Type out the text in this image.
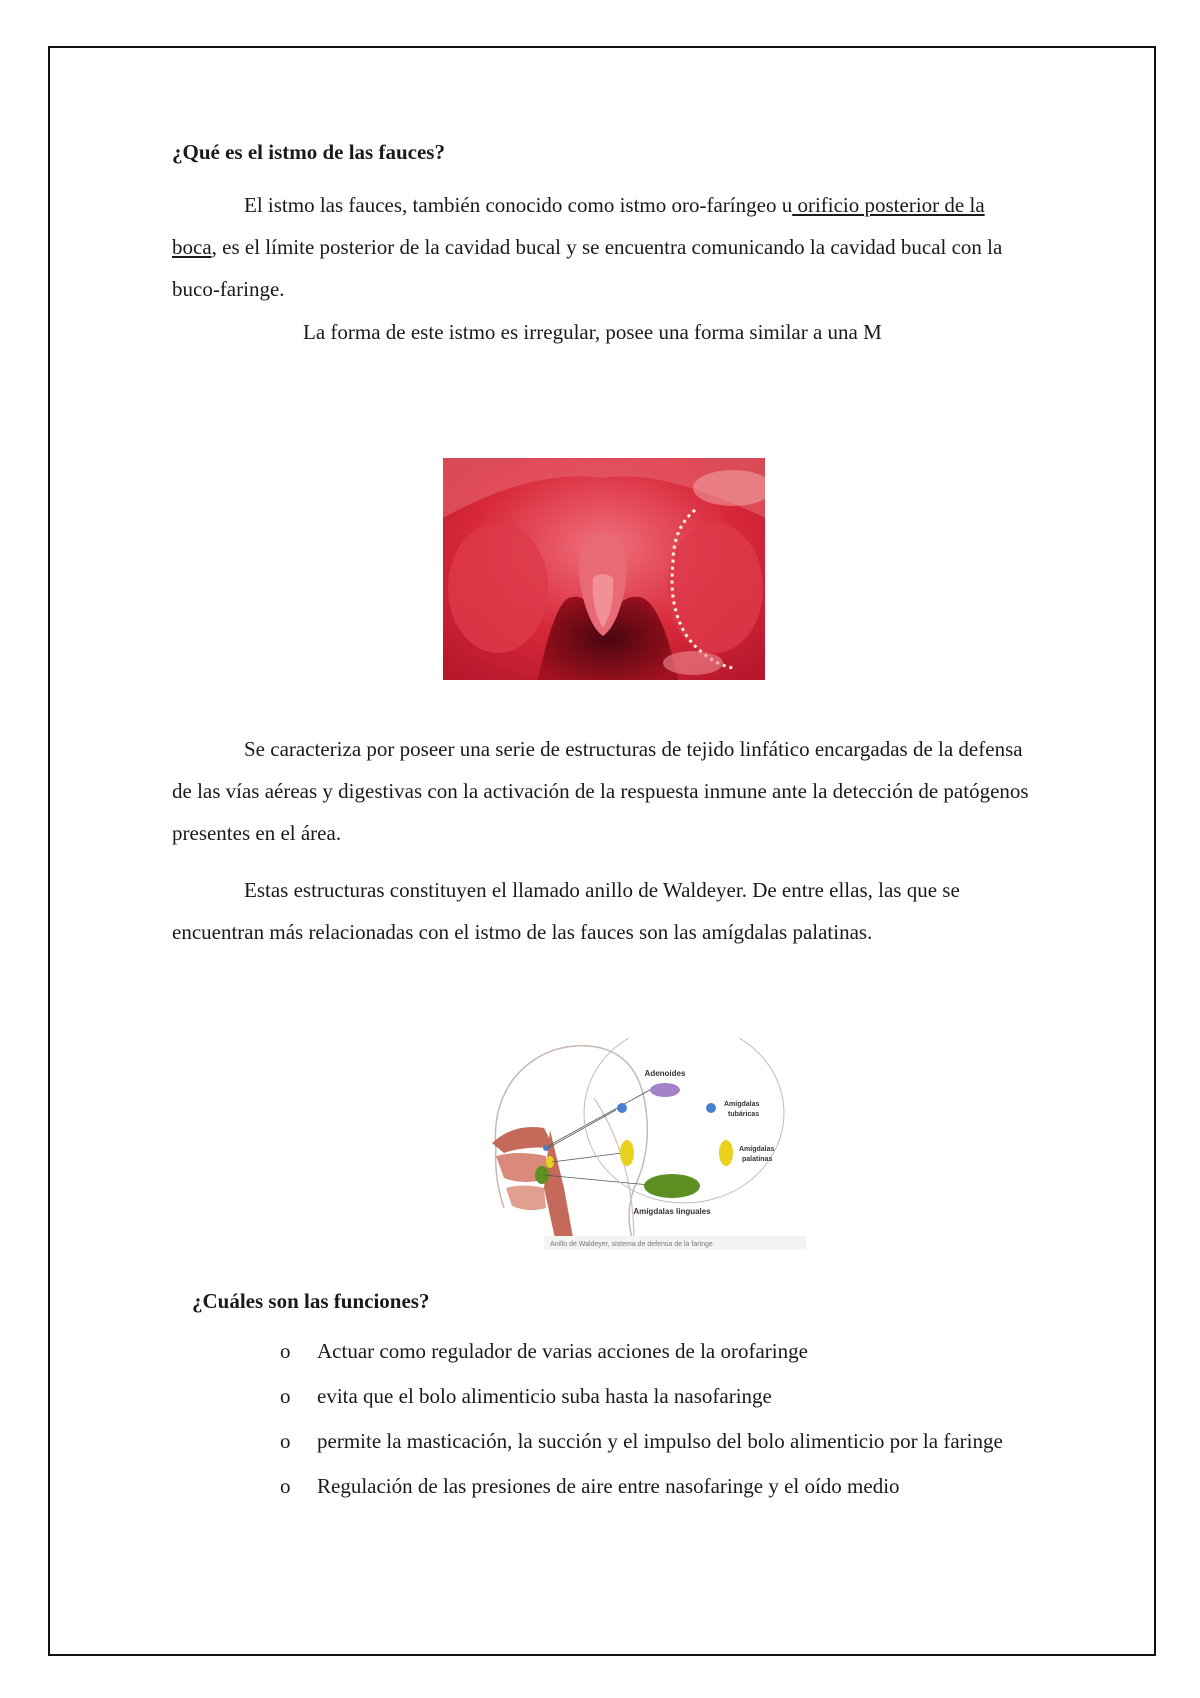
¿Qué es el istmo de las fauces?
El istmo las fauces, también conocido como istmo oro-faríngeo u orificio posterior de la boca, es el límite posterior de la cavidad bucal y se encuentra comunicando la cavidad bucal con la buco-faringe.
La forma de este istmo es irregular, posee una forma similar a una M
Se caracteriza por poseer una serie de estructuras de tejido linfático encargadas de la defensa de las vías aéreas y digestivas con la activación de la respuesta inmune ante la detección de patógenos presentes en el área.
Estas estructuras constituyen el llamado anillo de Waldeyer. De entre ellas, las que se encuentran más relacionadas con el istmo de las fauces son las amígdalas palatinas.
Adenoides
Amígdalas
tubáricas
Amígdalas
palatinas
Amígdalas linguales
Anillo de Waldeyer, sistema de defensa de la faringe
¿Cuáles son las funciones?
o Actuar como regulador de varias acciones de la orofaringe
o evita que el bolo alimenticio suba hasta la nasofaringe
o permite la masticación, la succión y el impulso del bolo alimenticio por la faringe
o Regulación de las presiones de aire entre nasofaringe y el oído medio
